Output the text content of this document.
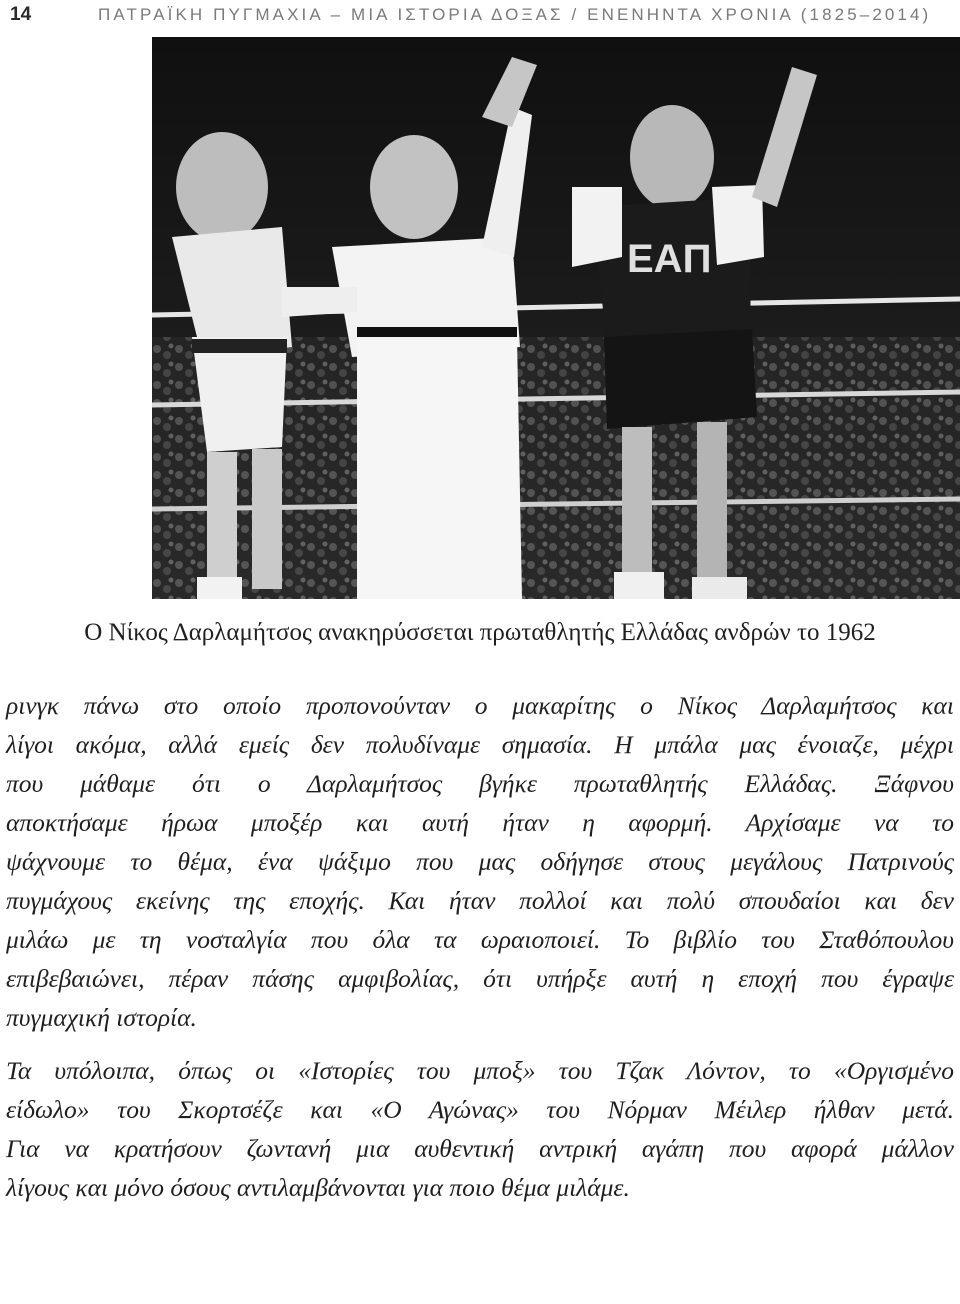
14	ΠΑΤΡΑΪΚΗ ΠΥΓΜΑΧΙΑ – ΜΙΑ ΙΣΤΟΡΙΑ ΔΟΞΑΣ / ΕΝΕΝΗΝΤΑ ΧΡΟΝΙΑ (1825–2014)
ΕΑΠ
Ο Νίκος Δαρλαμήτσος ανακηρύσσεται πρωταθλητής Ελλάδας ανδρών το 1962

ρινγκ πάνω στο οποίο προπονούνταν ο μακαρίτης ο Νίκος Δαρλαμήτσος και
λίγοι ακόμα, αλλά εμείς δεν πολυδίναμε σημασία. Η μπάλα μας ένοιαζε, μέχρι
που μάθαμε ότι ο Δαρλαμήτσος βγήκε πρωταθλητής Ελλάδας. Ξάφνου
αποκτήσαμε ήρωα μποξέρ και αυτή ήταν η αφορμή. Αρχίσαμε να το
ψάχνουμε το θέμα, ένα ψάξιμο που μας οδήγησε στους μεγάλους Πατρινούς
πυγμάχους εκείνης της εποχής. Και ήταν πολλοί και πολύ σπουδαίοι και δεν
μιλάω με τη νοσταλγία που όλα τα ωραιοποιεί. Το βιβλίο του Σταθόπουλου
επιβεβαιώνει, πέραν πάσης αμφιβολίας, ότι υπήρξε αυτή η εποχή που έγραψε
πυγμαχική ιστορία.

Τα υπόλοιπα, όπως οι «Ιστορίες του μποξ» του Τζακ Λόντον, το «Οργισμένο
είδωλο» του Σκορτσέζε και «Ο Αγώνας» του Νόρμαν Μέιλερ ήλθαν μετά.
Για να κρατήσουν ζωντανή μια αυθεντική αντρική αγάπη που αφορά μάλλον
λίγους και μόνο όσους αντιλαμβάνονται για ποιο θέμα μιλάμε.
